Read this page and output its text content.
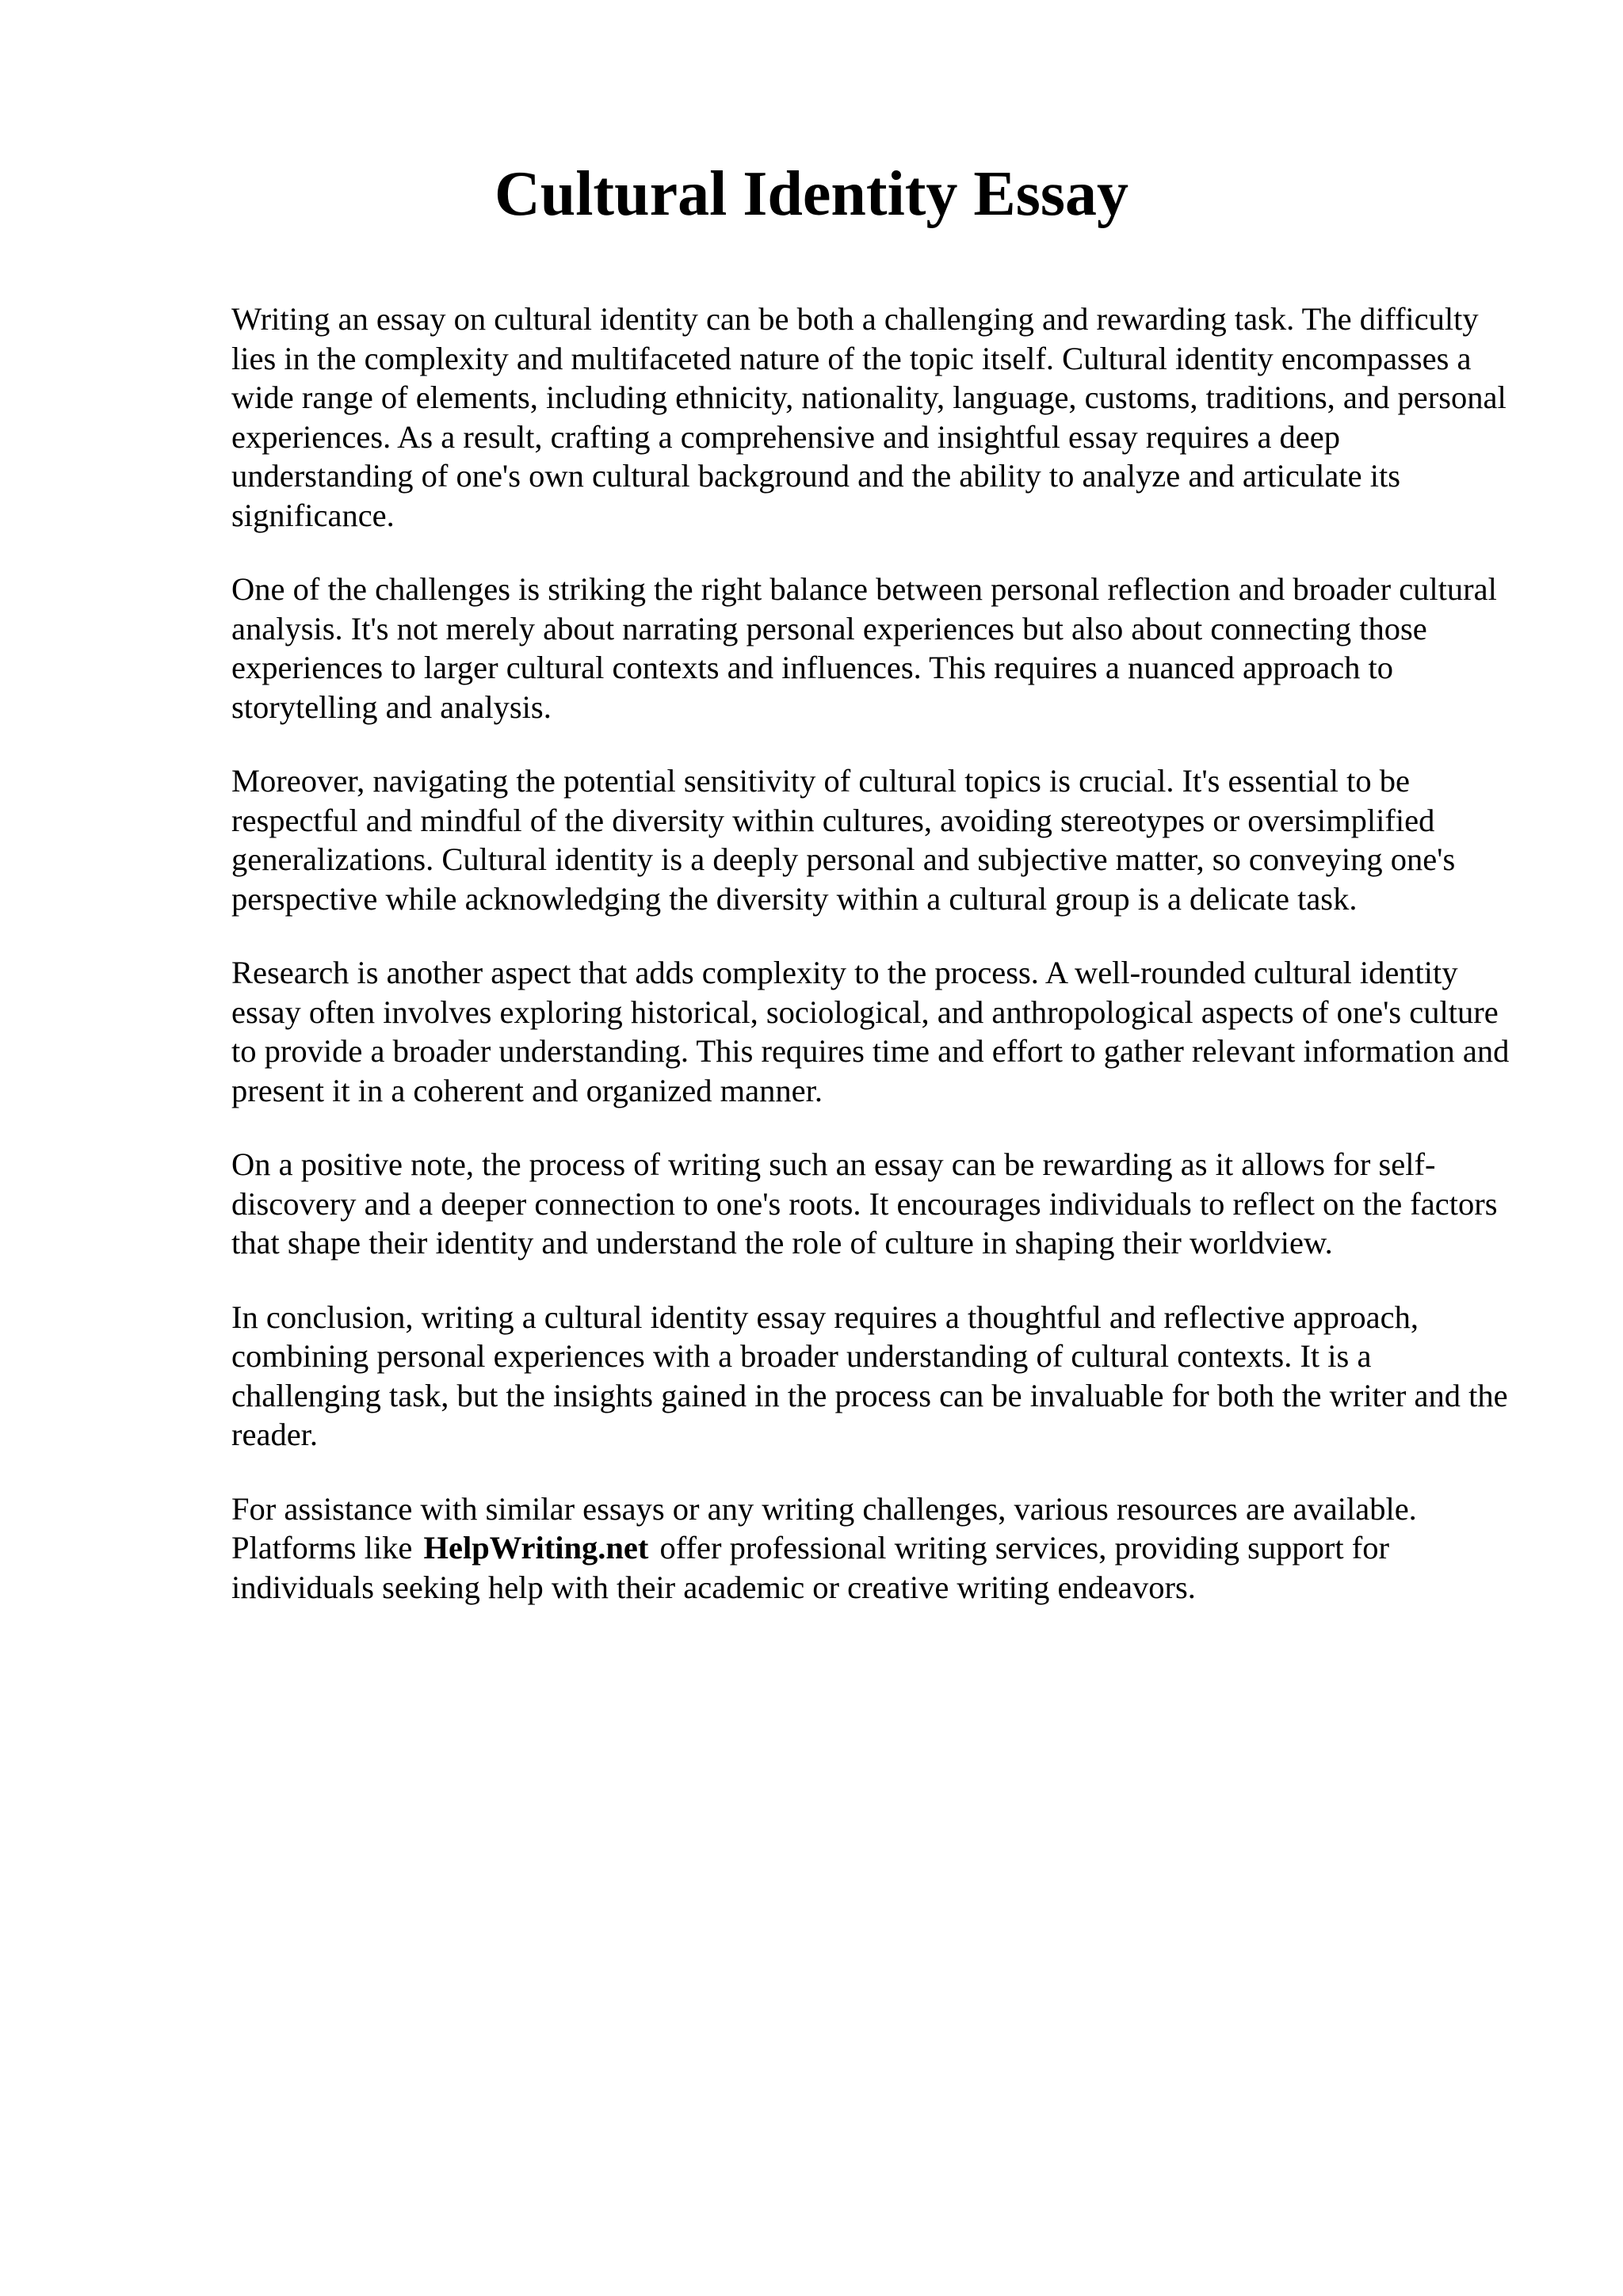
Cultural Identity Essay

Writing an essay on cultural identity can be both a challenging and rewarding task. The difficulty lies in the complexity and multifaceted nature of the topic itself. Cultural identity encompasses a wide range of elements, including ethnicity, nationality, language, customs, traditions, and personal experiences. As a result, crafting a comprehensive and insightful essay requires a deep understanding of one's own cultural background and the ability to analyze and articulate its significance.

One of the challenges is striking the right balance between personal reflection and broader cultural analysis. It's not merely about narrating personal experiences but also about connecting those experiences to larger cultural contexts and influences. This requires a nuanced approach to storytelling and analysis.

Moreover, navigating the potential sensitivity of cultural topics is crucial. It's essential to be respectful and mindful of the diversity within cultures, avoiding stereotypes or oversimplified generalizations. Cultural identity is a deeply personal and subjective matter, so conveying one's perspective while acknowledging the diversity within a cultural group is a delicate task.

Research is another aspect that adds complexity to the process. A well-rounded cultural identity essay often involves exploring historical, sociological, and anthropological aspects of one's culture to provide a broader understanding. This requires time and effort to gather relevant information and present it in a coherent and organized manner.

On a positive note, the process of writing such an essay can be rewarding as it allows for self-discovery and a deeper connection to one's roots. It encourages individuals to reflect on the factors that shape their identity and understand the role of culture in shaping their worldview.

In conclusion, writing a cultural identity essay requires a thoughtful and reflective approach, combining personal experiences with a broader understanding of cultural contexts. It is a challenging task, but the insights gained in the process can be invaluable for both the writer and the reader.

For assistance with similar essays or any writing challenges, various resources are available. Platforms like HelpWriting.net offer professional writing services, providing support for individuals seeking help with their academic or creative writing endeavors.
